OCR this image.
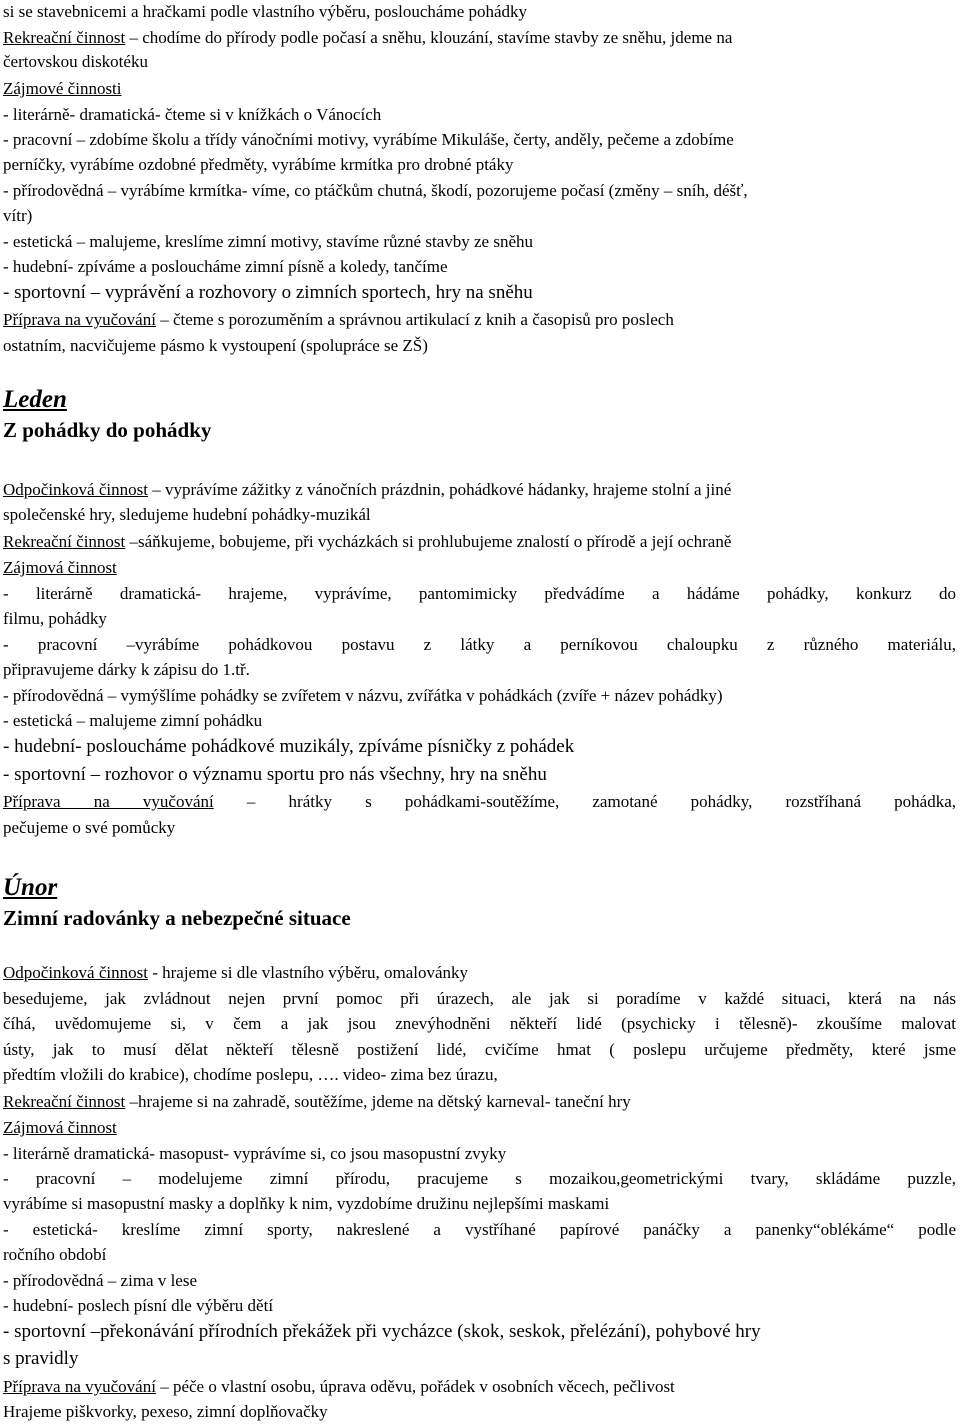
si se stavebnicemi a hračkami podle vlastního výběru, posloucháme pohádky
Rekreační činnost – chodíme do přírody podle počasí a sněhu, klouzání, stavíme stavby ze sněhu, jdeme na
čertovskou diskotéku
Zájmové činnosti
- literárně- dramatická- čteme si v knížkách o Vánocích
- pracovní – zdobíme školu a třídy vánočními motivy, vyrábíme Mikuláše, čerty, anděly, pečeme a zdobíme
perníčky, vyrábíme ozdobné předměty, vyrábíme krmítka pro drobné ptáky
- přírodovědná – vyrábíme krmítka- víme, co ptáčkům chutná, škodí, pozorujeme počasí (změny – sníh, déšť,
vítr)
- estetická – malujeme, kreslíme zimní motivy, stavíme různé stavby ze sněhu
- hudební- zpíváme a posloucháme zimní písně a koledy, tančíme
- sportovní – vyprávění a rozhovory o zimních sportech, hry na sněhu
Příprava na vyučování – čteme s porozuměním a správnou artikulací z knih a časopisů pro poslech
ostatním, nacvičujeme pásmo k vystoupení (spolupráce se ZŠ)
Leden
Z pohádky do pohádky
Odpočinková činnost – vyprávíme zážitky z vánočních prázdnin, pohádkové hádanky, hrajeme stolní a jiné
společenské hry, sledujeme hudební pohádky-muzikál
Rekreační činnost –sáňkujeme, bobujeme, při vycházkách si prohlubujeme znalostí o přírodě a její ochraně
Zájmová činnost
- literárně dramatická- hrajeme, vyprávíme, pantomimicky předvádíme a hádáme pohádky, konkurz do
filmu, pohádky
- pracovní –vyrábíme pohádkovou postavu z látky a perníkovou chaloupku z různého materiálu,
připravujeme dárky k zápisu do 1.tř.
- přírodovědná – vymýšlíme pohádky se zvířetem v názvu, zvířátka v pohádkách (zvíře + název pohádky)
- estetická – malujeme zimní pohádku
- hudební- posloucháme pohádkové muzikály, zpíváme písničky z pohádek
- sportovní – rozhovor o významu sportu pro nás všechny, hry na sněhu
Příprava na vyučování – hrátky s pohádkami-soutěžíme, zamotané pohádky, rozstříhaná pohádka,
pečujeme o své pomůcky
Únor
Zimní radovánky a nebezpečné situace
Odpočinková činnost - hrajeme si dle vlastního výběru, omalovánky
besedujeme, jak zvládnout nejen první pomoc při úrazech, ale jak si poradíme v každé situaci, která na nás
číhá, uvědomujeme si, v čem a jak jsou znevýhodněni někteří lidé (psychicky i tělesně)- zkoušíme malovat
ústy, jak to musí dělat někteří tělesně postižení lidé, cvičíme hmat ( poslepu určujeme předměty, které jsme
předtím vložili do krabice), chodíme poslepu, …. video- zima bez úrazu,
Rekreační činnost –hrajeme si na zahradě, soutěžíme, jdeme na dětský karneval- taneční hry
Zájmová činnost
- literárně dramatická- masopust- vyprávíme si, co jsou masopustní zvyky
- pracovní – modelujeme zimní přírodu, pracujeme s mozaikou,geometrickými tvary, skládáme puzzle,
vyrábíme si masopustní masky a doplňky k nim, vyzdobíme družinu nejlepšími maskami
- estetická- kreslíme zimní sporty, nakreslené a vystříhané papírové panáčky a panenky“oblékáme“ podle
ročního období
- přírodovědná – zima v lese
- hudební- poslech písní dle výběru dětí
- sportovní –překonávání přírodních překážek při vycházce (skok, seskok, přelézání), pohybové hry
s pravidly
Příprava na vyučování – péče o vlastní osobu, úprava oděvu, pořádek v osobních věcech, pečlivost
Hrajeme piškvorky, pexeso, zimní doplňovačky
